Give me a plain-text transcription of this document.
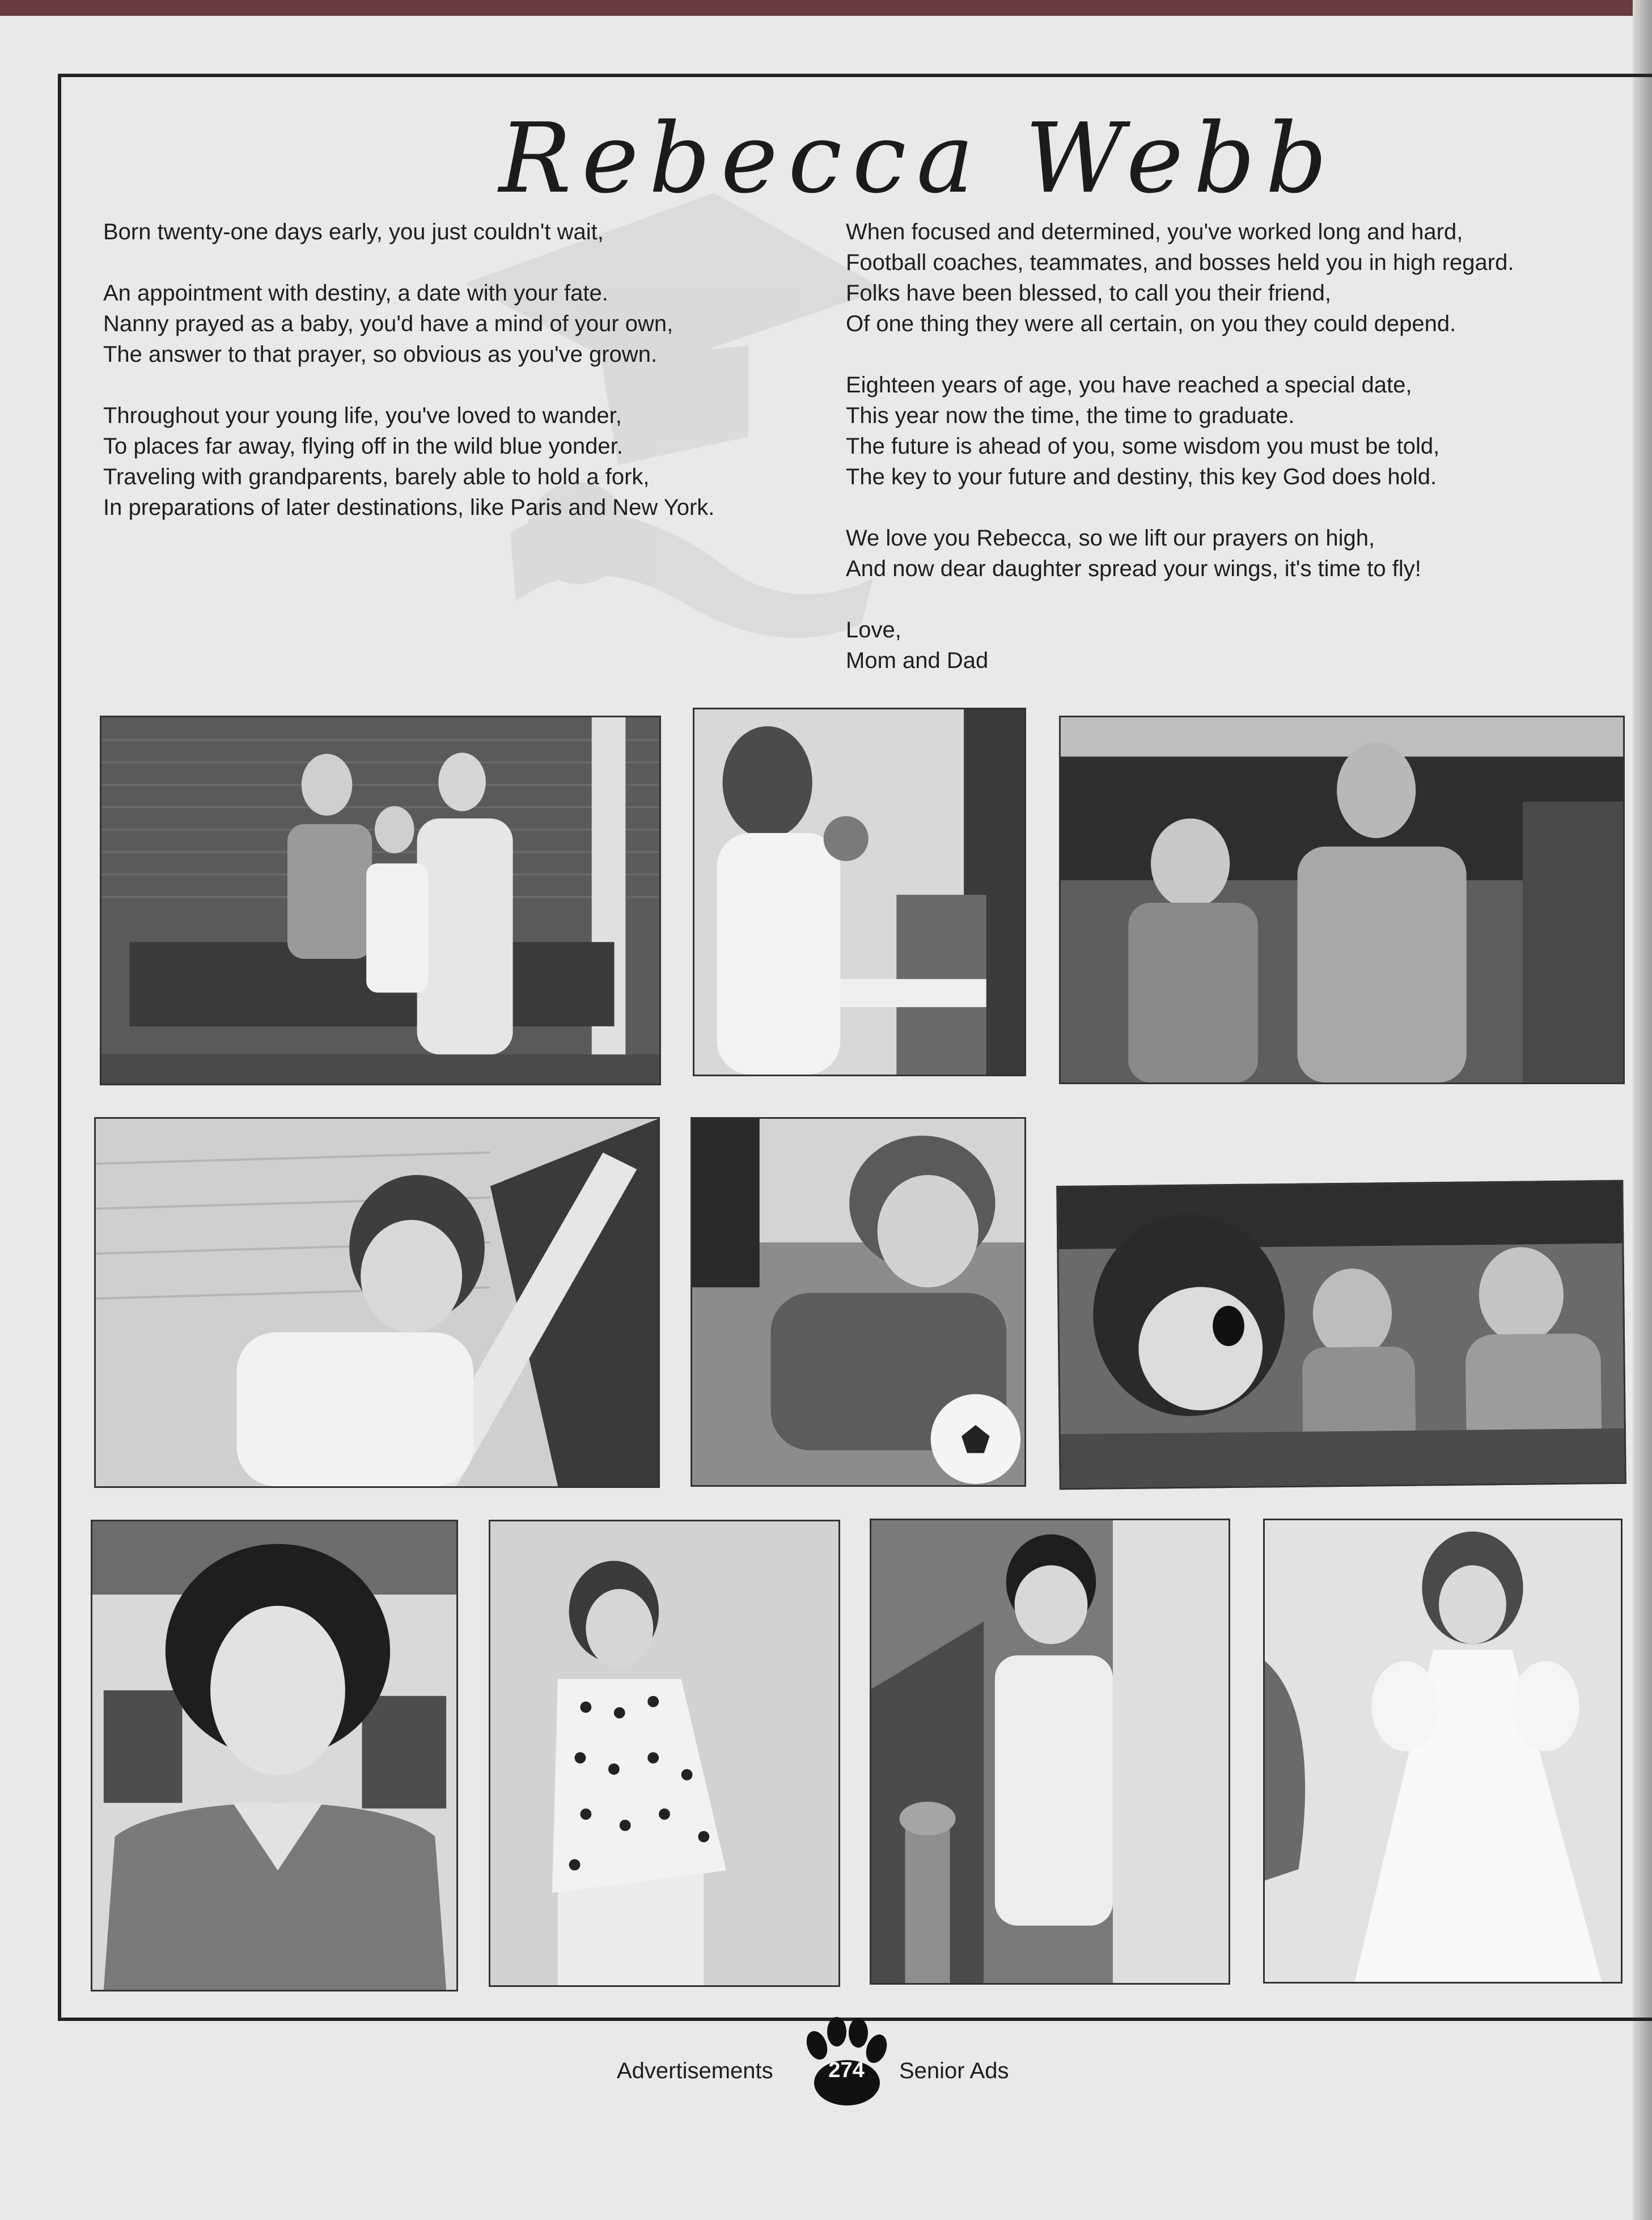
Rebecca Webb

Born twenty-one days early, you just couldn't wait,

An appointment with destiny, a date with your fate.
Nanny prayed as a baby, you'd have a mind of your own,
The answer to that prayer, so obvious as you've grown.

Throughout your young life, you've loved to wander,
To places far away, flying off in the wild blue yonder.
Traveling with grandparents, barely able to hold a fork,
In preparations of later destinations, like Paris and New York.

When focused and determined, you've worked long and hard,
Football coaches, teammates, and bosses held you in high regard.
Folks have been blessed, to call you their friend,
Of one thing they were all certain, on you they could depend.

Eighteen years of age, you have reached a special date,
This year now the time, the time to graduate.
The future is ahead of you, some wisdom you must be told,
The key to your future and destiny, this key God does hold.

We love you Rebecca, so we lift our prayers on high,
And now dear daughter spread your wings, it's time to fly!

Love,
Mom and Dad

Advertisements	274	Senior Ads
